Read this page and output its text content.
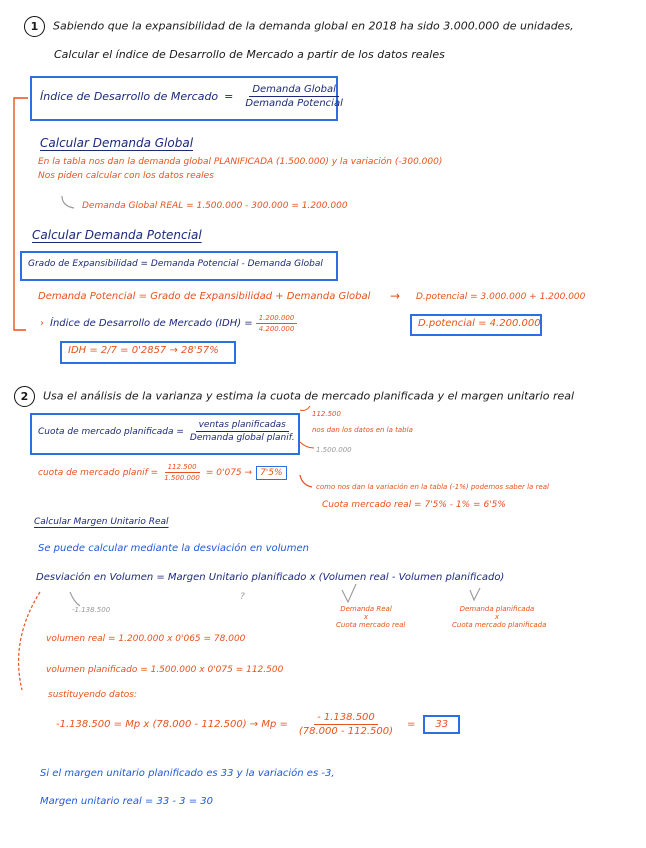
1 Sabiendo que la expansibilidad de la demanda global en 2018 ha sido 3.000.000 de unidades,
Calcular el índice de Desarrollo de Mercado a partir de los datos reales
Índice de Desarrollo de Mercado = $\frac{\text{Demanda Global}}{\text{Demanda Potencial}}$
Calcular Demanda Global
En la tabla nos dan la demanda global PLANIFICADA (1.500.000) y la variación (-300.000)
Nos piden calcular con los datos reales
Demanda Global REAL = 1.500.000 - 300.000 = 1.200.000
Calcular Demanda Potencial
Grado de Expansibilidad = Demanda Potencial - Demanda Global
Demanda Potencial = Grado de Expansibilidad + Demanda Global → D.potencial = 3.000.000 + 1.200.000
D.potencial = 4.200.000
› Índice de Desarrollo de Mercado $(IDH) = \frac{1.200.000}{4.200.000}$
IDH = 2/7 = 0'2857 → 28'57%
2 Usa el análisis de la varianza y estima la cuota de mercado planificada y el margen unitario real
Cuota de mercado planificada = $\frac{\text{ventas planificadas}}{\text{Demanda global planif.}}$
112.500
nos dan los datos en la tabla
1.500.000
cuota de mercado planif = $\frac{112.500}{1.500.000} = 0'075 \to 7'5\%$
como nos dan la variación en la tabla (-1%) podemos saber la real
Cuota mercado real = 7'5% - 1% = 6'5%
Calcular Margen Unitario Real
Se puede calcular mediante la desviación en volumen
Desviación en Volumen = Margen Unitario planificado x (Volumen real - Volumen planificado)
-1.138.500
?
Demanda Real
x
Cuota mercado real
Demanda planificada
x
Cuota mercado planificada
volumen real = 1.200.000 x 0'065 = 78.000
volumen planificado = 1.500.000 x 0'075 = 112.500
sustituyendo datos:
-1.138.500 = Mp x $(78.000 - 112.500) \to Mp = \frac{- 1.138.500}{(78.000 - 112.500)}$ =	33
Si el margen unitario planificado es 33 y la variación es -3,
Margen unitario real = 33 - 3 = 30
